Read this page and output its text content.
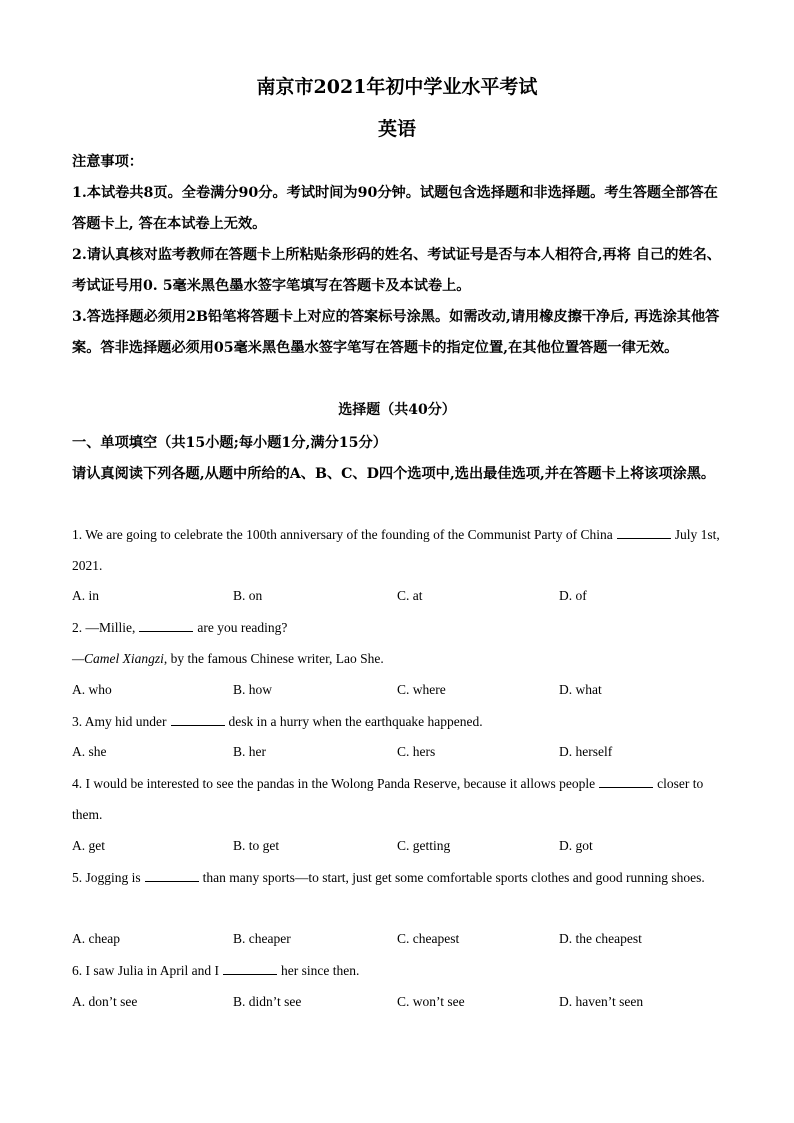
南京市2021年初中学业水平考试
英语
注意事项：
1.本试卷共8页。全卷满分90分。考试时间为90分钟。试题包含选择题和非选择题。考生答题全部答在答题卡上, 答在本试卷上无效。
2.请认真核对监考教师在答题卡上所粘贴条形码的姓名、考试证号是否与本人相符合,再将 自己的姓名、考试证号用0. 5毫米黑色墨水签字笔填写在答题卡及本试卷上。
3.答选择题必须用2B铅笔将答题卡上对应的答案标号涂黑。如需改动,请用橡皮擦干净后, 再选涂其他答案。答非选择题必须用05毫米黑色墨水签字笔写在答题卡的指定位置,在其他位置答题一律无效。
选择题（共40分）
一、单项填空（共15小题;每小题1分,满分15分）
请认真阅读下列各题,从题中所给的A、B、C、D四个选项中,选出最佳选项,并在答题卡上将该项涂黑。
1. We are going to celebrate the 100th anniversary of the founding of the Communist Party of China	July 1st, 2021.
A. in	B. on	C. at	D. of
2. —Millie,	are you reading?
—Camel Xiangzi, by the famous Chinese writer, Lao She.
A. who	B. how	C. where	D. what
3. Amy hid under	desk in a hurry when the earthquake happened.
A. she	B. her	C. hers	D. herself
4. I would be interested to see the pandas in the Wolong Panda Reserve, because it allows people	closer to them.
A. get	B. to get	C. getting	D. got
5. Jogging is	than many sports—to start, just get some comfortable sports clothes and good running shoes.
A. cheap	B. cheaper	C. cheapest	D. the cheapest
6. I saw Julia in April and I	her since then.
A. don’t see	B. didn’t see	C. won’t see	D. haven’t seen
